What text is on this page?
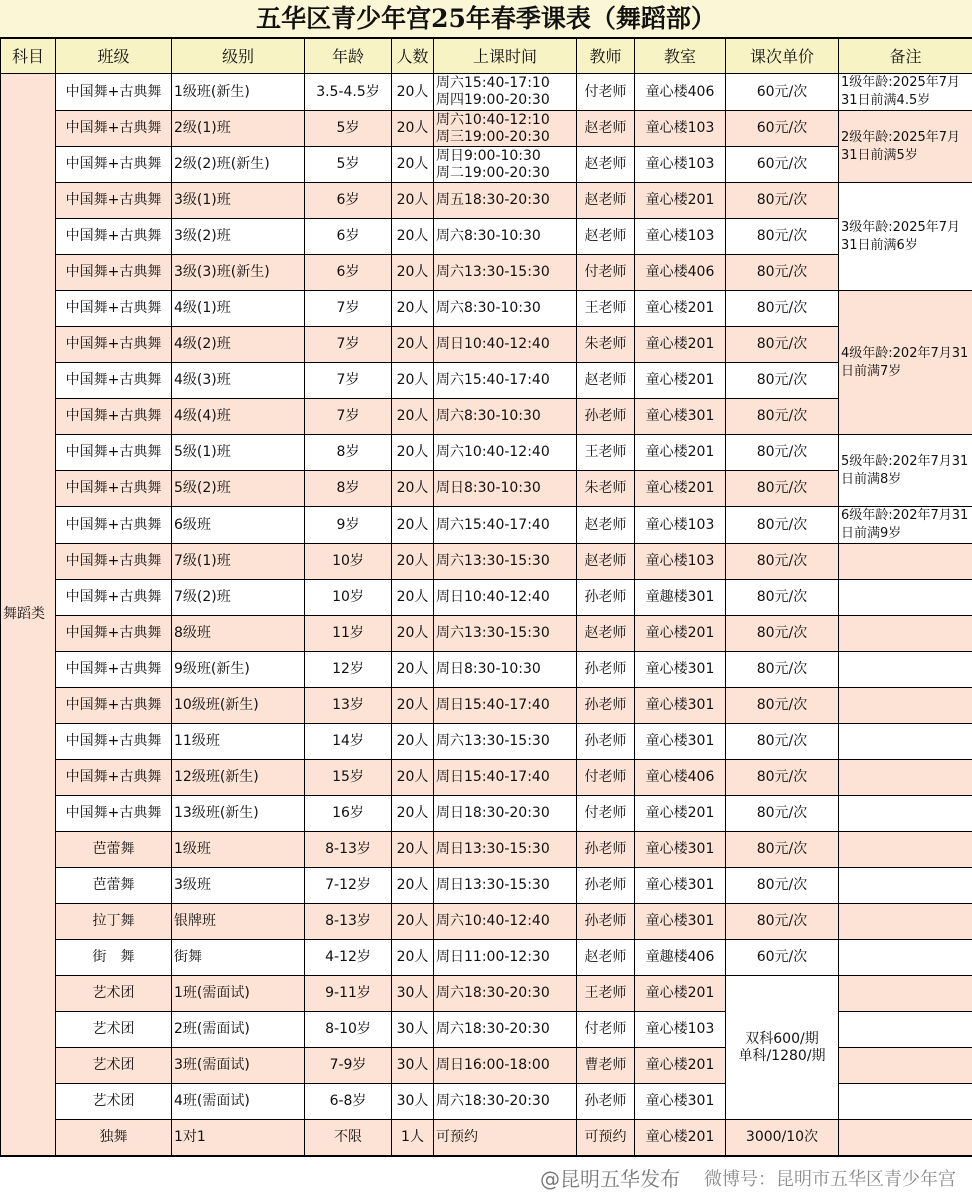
五华区青少年宫25年春季课表（舞蹈部）
科目	班级	级别	年龄	人数	上课时间	教师	教室	课次单价	备注
舞蹈类	中国舞+古典舞	1级班(新生)	3.5-4.5岁	20人	周六15:40-17:10
周四19:00-20:30	付老师	童心楼406	60元/次	1级年龄:2025年7月31日前满4.5岁
	中国舞+古典舞	2级(1)班	5岁	20人	周六10:40-12:10
周三19:00-20:30	赵老师	童心楼103	60元/次	2级年龄:2025年7月31日前满5岁
	中国舞+古典舞	2级(2)班(新生)	5岁	20人	周日9:00-10:30
周二19:00-20:30	赵老师	童心楼103	60元/次	
	中国舞+古典舞	3级(1)班	6岁	20人	周五18:30-20:30	赵老师	童心楼201	80元/次	3级年龄:2025年7月31日前满6岁
	中国舞+古典舞	3级(2)班	6岁	20人	周六8:30-10:30	赵老师	童心楼103	80元/次	
	中国舞+古典舞	3级(3)班(新生)	6岁	20人	周六13:30-15:30	付老师	童心楼406	80元/次	
	中国舞+古典舞	4级(1)班	7岁	20人	周六8:30-10:30	王老师	童心楼201	80元/次	4级年龄:202年7月31日前满7岁
	中国舞+古典舞	4级(2)班	7岁	20人	周日10:40-12:40	朱老师	童心楼201	80元/次	
	中国舞+古典舞	4级(3)班	7岁	20人	周六15:40-17:40	赵老师	童心楼201	80元/次	
	中国舞+古典舞	4级(4)班	7岁	20人	周六8:30-10:30	孙老师	童心楼301	80元/次	
	中国舞+古典舞	5级(1)班	8岁	20人	周六10:40-12:40	王老师	童心楼201	80元/次	5级年龄:202年7月31日前满8岁
	中国舞+古典舞	5级(2)班	8岁	20人	周日8:30-10:30	朱老师	童心楼201	80元/次	
	中国舞+古典舞	6级班	9岁	20人	周六15:40-17:40	赵老师	童心楼103	80元/次	6级年龄:202年7月31日前满9岁
	中国舞+古典舞	7级(1)班	10岁	20人	周六13:30-15:30	赵老师	童心楼103	80元/次	
	中国舞+古典舞	7级(2)班	10岁	20人	周日10:40-12:40	孙老师	童趣楼301	80元/次	
	中国舞+古典舞	8级班	11岁	20人	周六13:30-15:30	赵老师	童心楼201	80元/次	
	中国舞+古典舞	9级班(新生)	12岁	20人	周日8:30-10:30	孙老师	童心楼301	80元/次	
	中国舞+古典舞	10级班(新生)	13岁	20人	周日15:40-17:40	孙老师	童心楼301	80元/次	
	中国舞+古典舞	11级班	14岁	20人	周六13:30-15:30	孙老师	童心楼301	80元/次	
	中国舞+古典舞	12级班(新生)	15岁	20人	周日15:40-17:40	付老师	童心楼406	80元/次	
	中国舞+古典舞	13级班(新生)	16岁	20人	周日18:30-20:30	付老师	童心楼201	80元/次	
	芭蕾舞	1级班	8-13岁	20人	周日13:30-15:30	孙老师	童心楼301	80元/次	
	芭蕾舞	3级班	7-12岁	20人	周日13:30-15:30	孙老师	童心楼301	80元/次	
	拉丁舞	银牌班	8-13岁	20人	周六10:40-12:40	孙老师	童心楼301	80元/次	
	街　舞	街舞	4-12岁	20人	周日11:00-12:30	赵老师	童趣楼406	60元/次	
	艺术团	1班(需面试)	9-11岁	30人	周六18:30-20:30	王老师	童心楼201	双科600/期
单科/1280/期	
	艺术团	2班(需面试)	8-10岁	30人	周六18:30-20:30	付老师	童心楼103		
	艺术团	3班(需面试)	7-9岁	30人	周日16:00-18:00	曹老师	童心楼201		
	艺术团	4班(需面试)	6-8岁	30人	周六18:30-20:30	孙老师	童心楼301		
	独舞	1对1	不限	1人	可预约	可预约	童心楼201	3000/10次	
@昆明五华发布 微博号：昆明市五华区青少年宫
